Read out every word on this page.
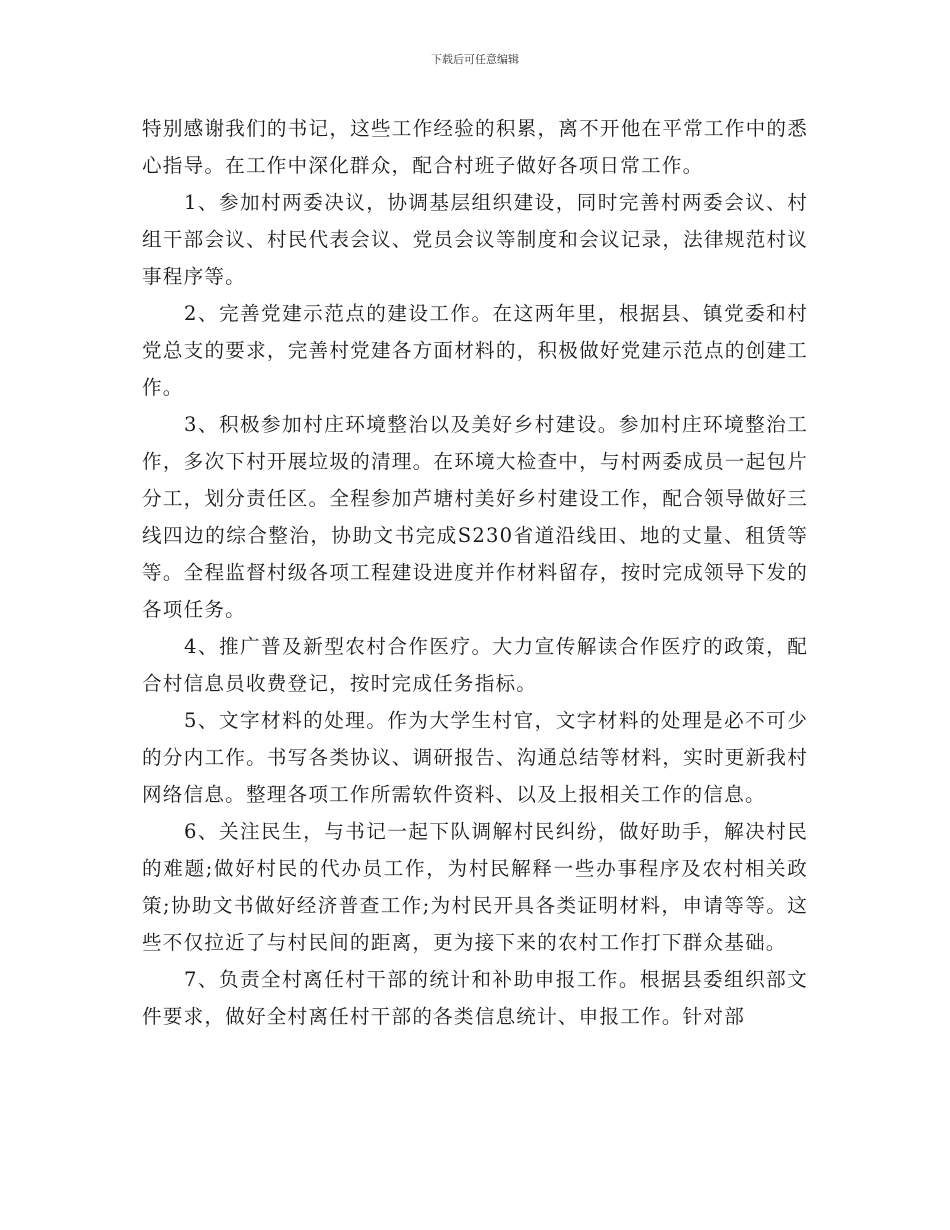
下载后可任意编辑

特别感谢我们的书记，这些工作经验的积累，离不开他在平常工作中的悉心指导。在工作中深化群众，配合村班子做好各项日常工作。

1、参加村两委决议，协调基层组织建设，同时完善村两委会议、村组干部会议、村民代表会议、党员会议等制度和会议记录，法律规范村议事程序等。

2、完善党建示范点的建设工作。在这两年里，根据县、镇党委和村党总支的要求，完善村党建各方面材料的，积极做好党建示范点的创建工作。

3、积极参加村庄环境整治以及美好乡村建设。参加村庄环境整治工作，多次下村开展垃圾的清理。在环境大检查中，与村两委成员一起包片分工，划分责任区。全程参加芦塘村美好乡村建设工作，配合领导做好三线四边的综合整治，协助文书完成S230省道沿线田、地的丈量、租赁等等。全程监督村级各项工程建设进度并作材料留存，按时完成领导下发的各项任务。

4、推广普及新型农村合作医疗。大力宣传解读合作医疗的政策，配合村信息员收费登记，按时完成任务指标。

5、文字材料的处理。作为大学生村官，文字材料的处理是必不可少的分内工作。书写各类协议、调研报告、沟通总结等材料，实时更新我村网络信息。整理各项工作所需软件资料、以及上报相关工作的信息。

6、关注民生，与书记一起下队调解村民纠纷，做好助手，解决村民的难题;做好村民的代办员工作，为村民解释一些办事程序及农村相关政策;协助文书做好经济普查工作;为村民开具各类证明材料，申请等等。这些不仅拉近了与村民间的距离，更为接下来的农村工作打下群众基础。

7、负责全村离任村干部的统计和补助申报工作。根据县委组织部文件要求，做好全村离任村干部的各类信息统计、申报工作。针对部
